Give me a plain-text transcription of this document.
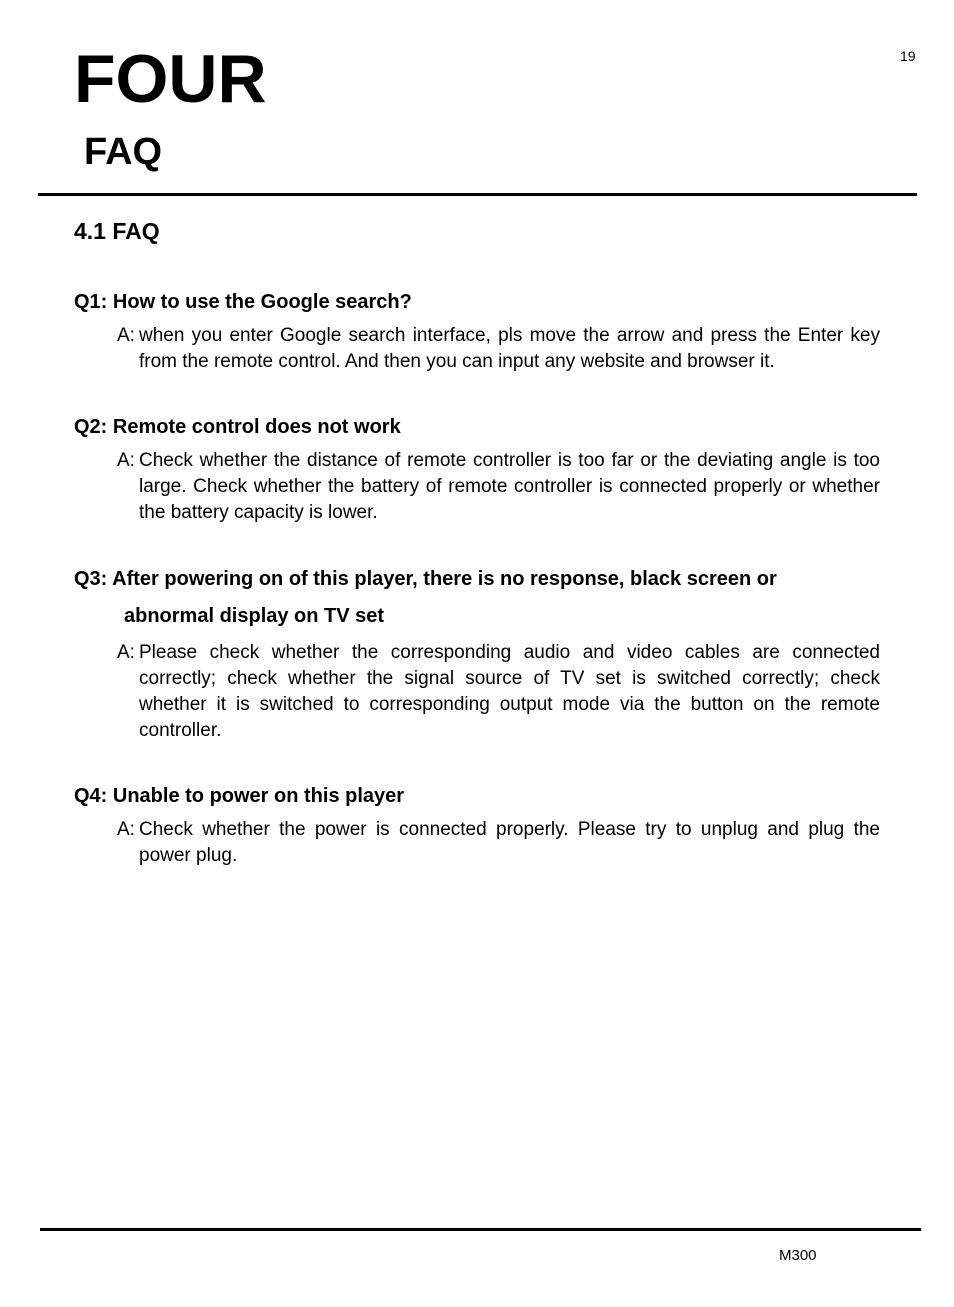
19
FOUR
FAQ
4.1 FAQ
Q1: How to use the Google search?
A: when you enter Google search interface, pls move the arrow and press the Enter key from the remote control. And then you can input any website and browser it.
Q2: Remote control does not work
A: Check whether the distance of remote controller is too far or the deviating angle is too large. Check whether the battery of remote controller is connected properly or whether the battery capacity is lower.
Q3: After powering on of this player, there is no response, black screen or
abnormal display on TV set
A: Please check whether the corresponding audio and video cables are connected correctly; check whether the signal source of TV set is switched correctly; check whether it is switched to corresponding output mode via the button on the remote controller.
Q4: Unable to power on this player
A: Check whether the power is connected properly. Please try to unplug and plug the power plug.
M300
